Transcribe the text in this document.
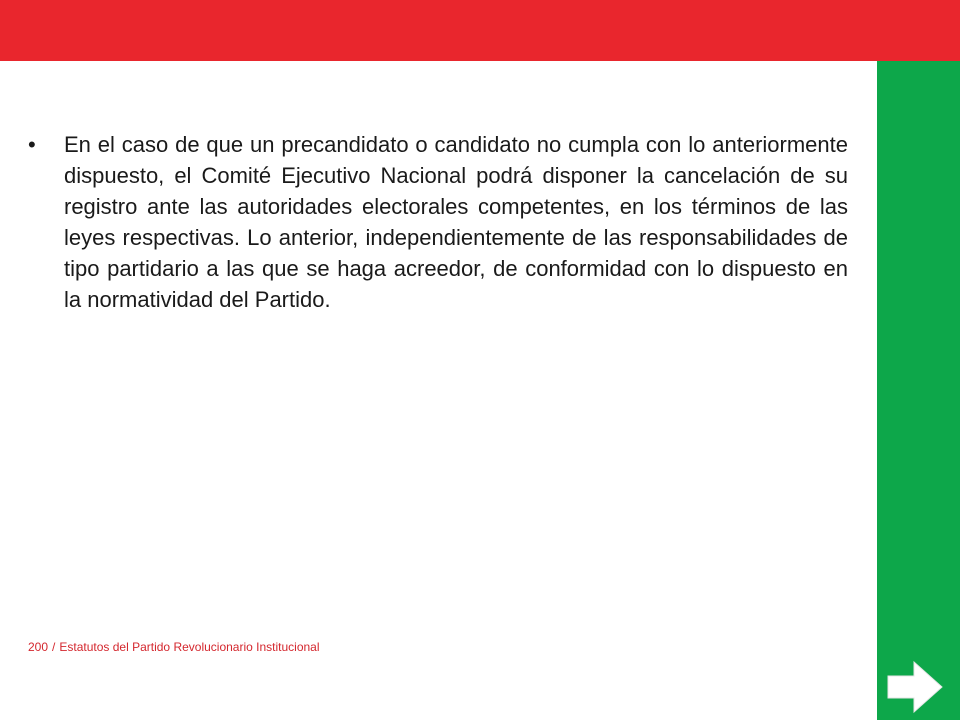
• En el caso de que un precandidato o candidato no cumpla con lo anteriormente dispuesto, el Comité Ejecutivo Nacional podrá disponer la cancelación de su registro ante las autoridades electorales competentes, en los términos de las leyes respectivas. Lo anterior, independientemente de las responsabilidades de tipo partidario a las que se haga acreedor, de conformidad con lo dispuesto en la normatividad del Partido.

200 / Estatutos del Partido Revolucionario Institucional
